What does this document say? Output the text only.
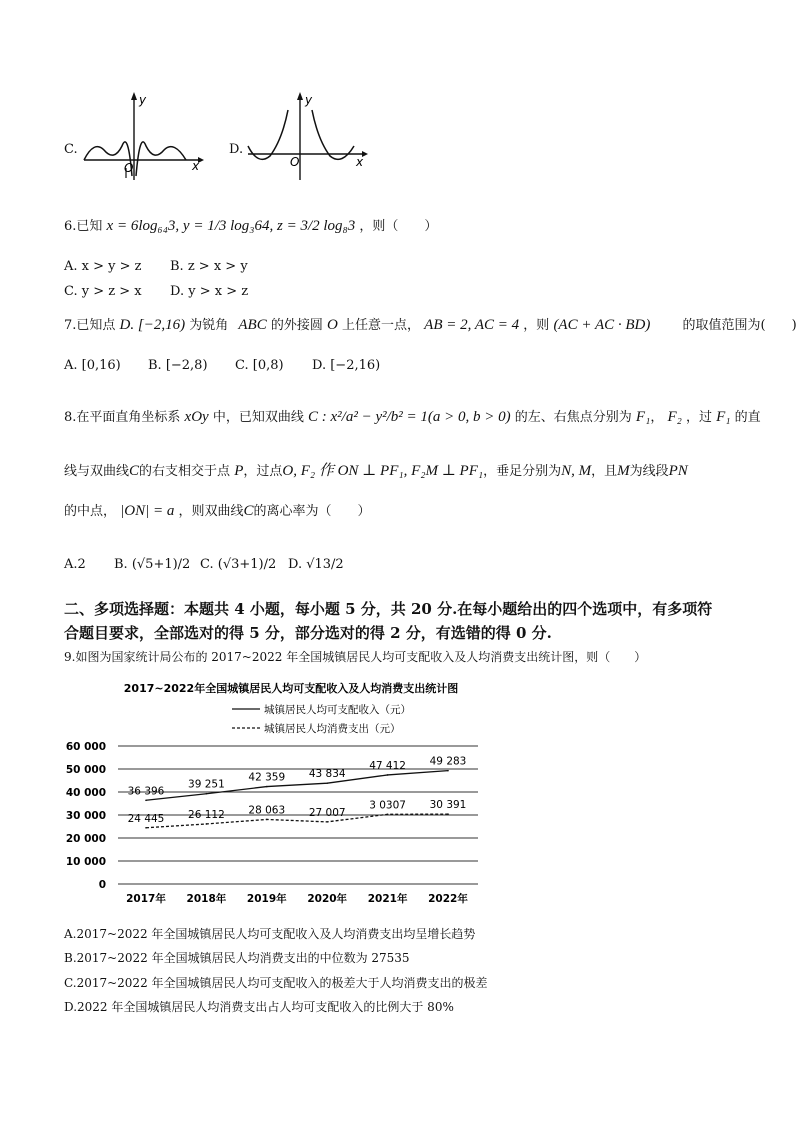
C.
y
x
O
D.
y
x
O
6.已知 x = 6log₆₄3, y = 1/3 log₃64, z = 3/2 log₈3 ，则（　　）
A. x > y > z B. z > x > y
C. y > z > x D. y > x > z
7.已知点 D. [−2,16) 为锐角 ABC 的外接圆 O 上任意一点， AB = 2, AC = 4 ，则 (AC + AC · BD) 的取值范围为(　　)
A. [0,16) B. [−2,8) C. [0,8) D. [−2,16)
8.在平面直角坐标系 xOy 中，已知双曲线 C : x²/a² − y²/b² = 1(a > 0, b > 0) 的左、右焦点分别为 F₁， F₂ ，过 F₁ 的直
线与双曲线C的右支相交于点 P，过点O, F₂ 作 ON ⊥ PF₁, F₂M ⊥ PF₁，垂足分别为N, M，且M为线段PN
的中点， |ON| = a ，则双曲线C的离心率为（　　）
A.2 B. (√5+1)/2 C. (√3+1)/2 D. √13/2
二、多项选择题：本题共 4 小题，每小题 5 分，共 20 分.在每小题给出的四个选项中，有多项符
合题目要求，全部选对的得 5 分，部分选对的得 2 分，有选错的得 0 分.
9.如图为国家统计局公布的 2017~2022 年全国城镇居民人均可支配收入及人均消费支出统计图，则（　　）
2017~2022年全国城镇居民人均可支配收入及人均消费支出统计图
城镇居民人均可支配收入（元）
城镇居民人均消费支出（元）
0
10 000
20 000
30 000
40 000
50 000
60 000
2017年 2018年 2019年 2020年 2021年 2022年
36 396
39 251
42 359 43 834
47 412 49 283
24 445 26 112 28 063 27 007
3 0307 30 391
A.2017~2022 年全国城镇居民人均可支配收入及人均消费支出均呈增长趋势
B.2017~2022 年全国城镇居民人均消费支出的中位数为 27535
C.2017~2022 年全国城镇居民人均可支配收入的极差大于人均消费支出的极差
D.2022 年全国城镇居民人均消费支出占人均可支配收入的比例大于 80%
